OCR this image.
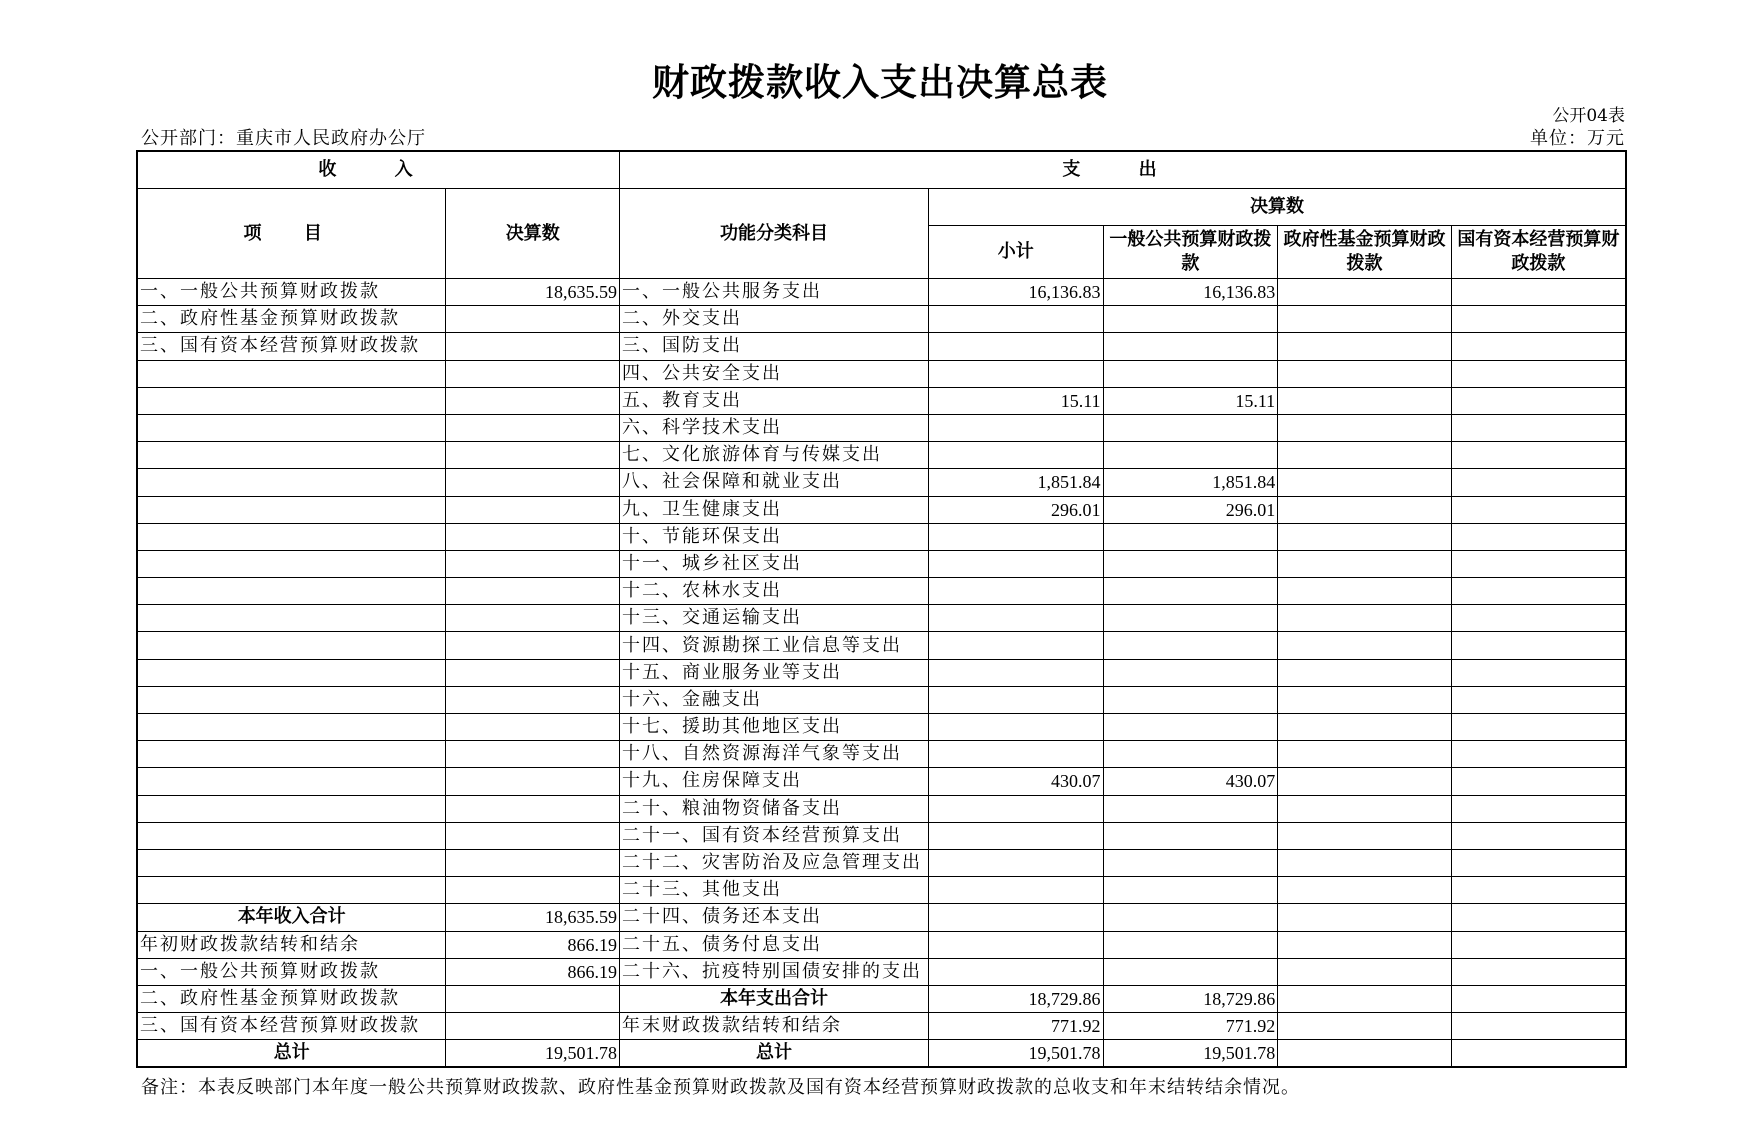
财政拨款收入支出决算总表
公开04表
公开部门：重庆市人民政府办公厅	单位：万元
收 入		支 出				
项 目	决算数	功能分类科目	决算数			
			小计	一般公共预算财政拨款	政府性基金预算财政拨款	国有资本经营预算财政拨款
一、一般公共预算财政拨款	18,635.59	一、一般公共服务支出	16,136.83	16,136.83		
二、政府性基金预算财政拨款		二、外交支出				
三、国有资本经营预算财政拨款		三、国防支出				
		四、公共安全支出				
		五、教育支出	15.11	15.11		
		六、科学技术支出				
		七、文化旅游体育与传媒支出				
		八、社会保障和就业支出	1,851.84	1,851.84		
		九、卫生健康支出	296.01	296.01		
		十、节能环保支出				
		十一、城乡社区支出				
		十二、农林水支出				
		十三、交通运输支出				
		十四、资源勘探工业信息等支出				
		十五、商业服务业等支出				
		十六、金融支出				
		十七、援助其他地区支出				
		十八、自然资源海洋气象等支出				
		十九、住房保障支出	430.07	430.07		
		二十、粮油物资储备支出				
		二十一、国有资本经营预算支出				
		二十二、灾害防治及应急管理支出				
		二十三、其他支出				
本年收入合计	18,635.59	二十四、债务还本支出				
年初财政拨款结转和结余	866.19	二十五、债务付息支出				
一、一般公共预算财政拨款	866.19	二十六、抗疫特别国债安排的支出				
二、政府性基金预算财政拨款		本年支出合计	18,729.86	18,729.86		
三、国有资本经营预算财政拨款		年末财政拨款结转和结余	771.92	771.92		
总计	19,501.78	总计	19,501.78	19,501.78		
备注：本表反映部门本年度一般公共预算财政拨款、政府性基金预算财政拨款及国有资本经营预算财政拨款的总收支和年末结转结余情况。
